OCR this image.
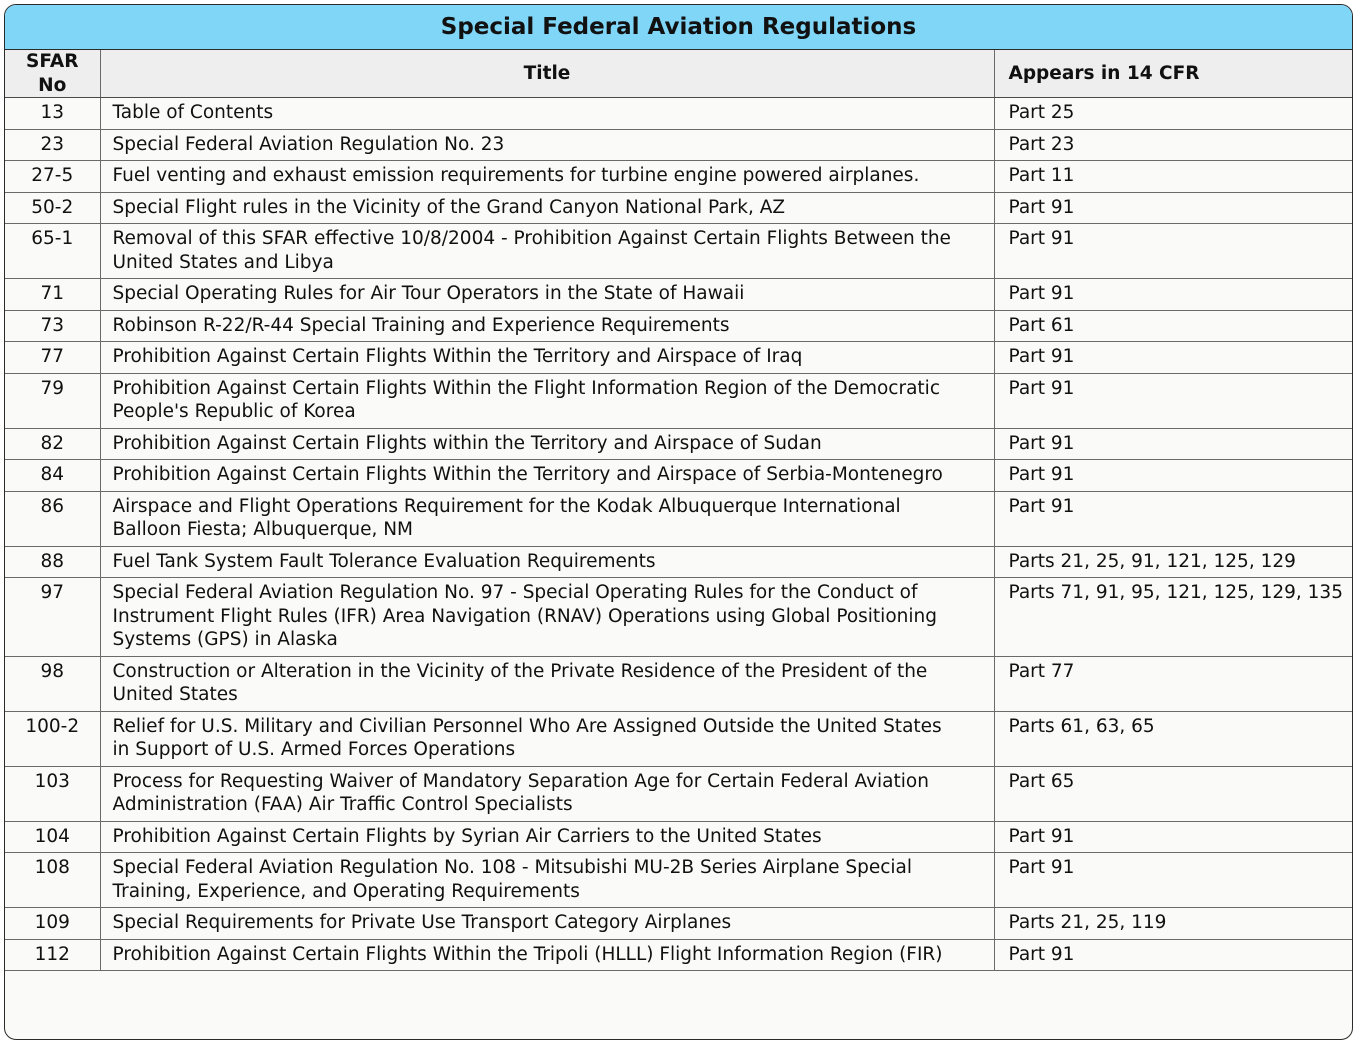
Special Federal Aviation Regulations
SFAR No	Title	Appears in 14 CFR
13	Table of Contents	Part 25
23	Special Federal Aviation Regulation No. 23	Part 23
27-5	Fuel venting and exhaust emission requirements for turbine engine powered airplanes.	Part 11
50-2	Special Flight rules in the Vicinity of the Grand Canyon National Park, AZ	Part 91
65-1	Removal of this SFAR effective 10/8/2004 - Prohibition Against Certain Flights Between the United States and Libya	Part 91
71	Special Operating Rules for Air Tour Operators in the State of Hawaii	Part 91
73	Robinson R-22/R-44 Special Training and Experience Requirements	Part 61
77	Prohibition Against Certain Flights Within the Territory and Airspace of Iraq	Part 91
79	Prohibition Against Certain Flights Within the Flight Information Region of the Democratic People's Republic of Korea	Part 91
82	Prohibition Against Certain Flights within the Territory and Airspace of Sudan	Part 91
84	Prohibition Against Certain Flights Within the Territory and Airspace of Serbia-Montenegro	Part 91
86	Airspace and Flight Operations Requirement for the Kodak Albuquerque International Balloon Fiesta; Albuquerque, NM	Part 91
88	Fuel Tank System Fault Tolerance Evaluation Requirements	Parts 21, 25, 91, 121, 125, 129
97	Special Federal Aviation Regulation No. 97 - Special Operating Rules for the Conduct of Instrument Flight Rules (IFR) Area Navigation (RNAV) Operations using Global Positioning Systems (GPS) in Alaska	Parts 71, 91, 95, 121, 125, 129, 135
98	Construction or Alteration in the Vicinity of the Private Residence of the President of the United States	Part 77
100-2	Relief for U.S. Military and Civilian Personnel Who Are Assigned Outside the United States in Support of U.S. Armed Forces Operations	Parts 61, 63, 65
103	Process for Requesting Waiver of Mandatory Separation Age for Certain Federal Aviation Administration (FAA) Air Traffic Control Specialists	Part 65
104	Prohibition Against Certain Flights by Syrian Air Carriers to the United States	Part 91
108	Special Federal Aviation Regulation No. 108 - Mitsubishi MU-2B Series Airplane Special Training, Experience, and Operating Requirements	Part 91
109	Special Requirements for Private Use Transport Category Airplanes	Parts 21, 25, 119
112	Prohibition Against Certain Flights Within the Tripoli (HLLL) Flight Information Region (FIR)	Part 91
